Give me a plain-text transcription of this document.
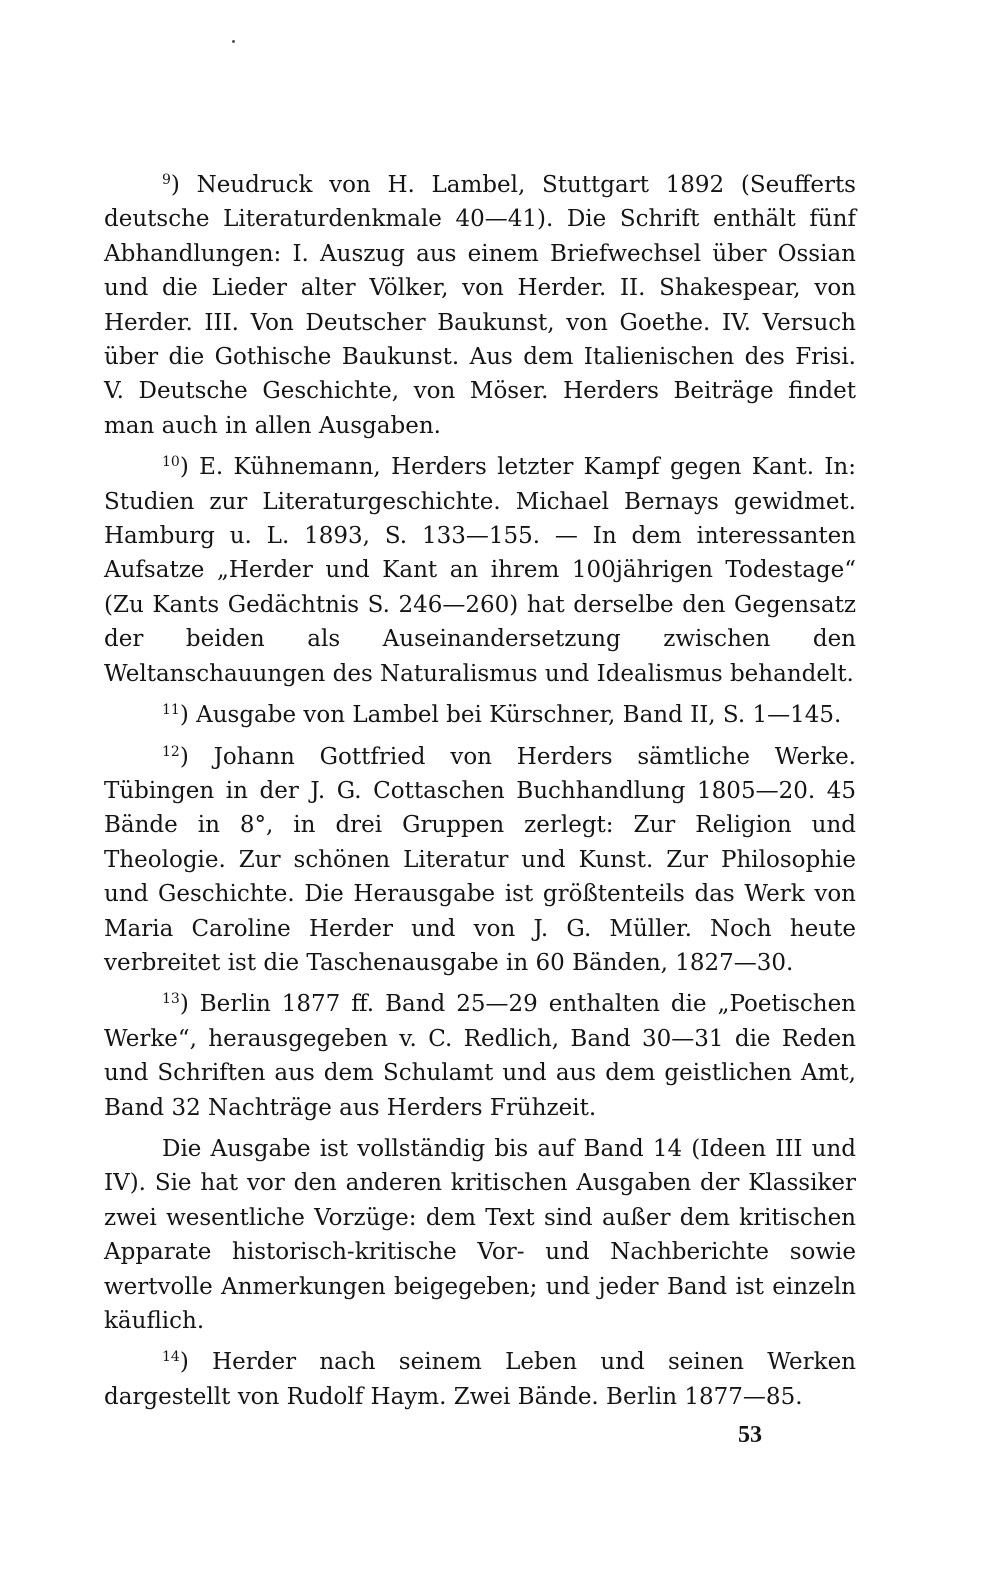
$^9$) Neudruck von H. Lambel, Stuttgart 1892 (Seufferts deutsche Literaturdenkmale 40—41). Die Schrift enthält fünf Abhandlungen: I. Auszug aus einem Briefwechsel über Ossian und die Lieder alter Völker, von Herder. II. Shakespear, von Herder. III. Von Deutscher Baukunst, von Goethe. IV. Versuch über die Gothische Baukunst. Aus dem Italienischen des Frisi. V. Deutsche Geschichte, von Möser. Herders Beiträge findet man auch in allen Ausgaben.

$^{10}$) E. Kühnemann, Herders letzter Kampf gegen Kant. In: Studien zur Literaturgeschichte. Michael Bernays gewidmet. Hamburg u. L. 1893, S. 133—155. — In dem interessanten Aufsatze „Herder und Kant an ihrem 100jährigen Todestage“ (Zu Kants Gedächtnis S. 246—260) hat derselbe den Gegensatz der beiden als Auseinandersetzung zwischen den Weltanschauungen des Naturalismus und Idealismus behandelt.

$^{11}$) Ausgabe von Lambel bei Kürschner, Band II, S. 1—145.

$^{12}$) Johann Gottfried von Herders sämtliche Werke. Tübingen in der J. G. Cottaschen Buchhandlung 1805—20. 45 Bände in 8°, in drei Gruppen zerlegt: Zur Religion und Theologie. Zur schönen Literatur und Kunst. Zur Philosophie und Geschichte. Die Herausgabe ist größtenteils das Werk von Maria Caroline Herder und von J. G. Müller. Noch heute verbreitet ist die Taschenausgabe in 60 Bänden, 1827—30.

$^{13}$) Berlin 1877 ff. Band 25—29 enthalten die „Poetischen Werke“, herausgegeben v. C. Redlich, Band 30—31 die Reden und Schriften aus dem Schulamt und aus dem geistlichen Amt, Band 32 Nachträge aus Herders Frühzeit.

Die Ausgabe ist vollständig bis auf Band 14 (Ideen III und IV). Sie hat vor den anderen kritischen Ausgaben der Klassiker zwei wesentliche Vorzüge: dem Text sind außer dem kritischen Apparate historisch-kritische Vor- und Nachberichte sowie wertvolle Anmerkungen beigegeben; und jeder Band ist einzeln käuflich.

$^{14}$) Herder nach seinem Leben und seinen Werken dargestellt von Rudolf Haym. Zwei Bände. Berlin 1877—85.

53
